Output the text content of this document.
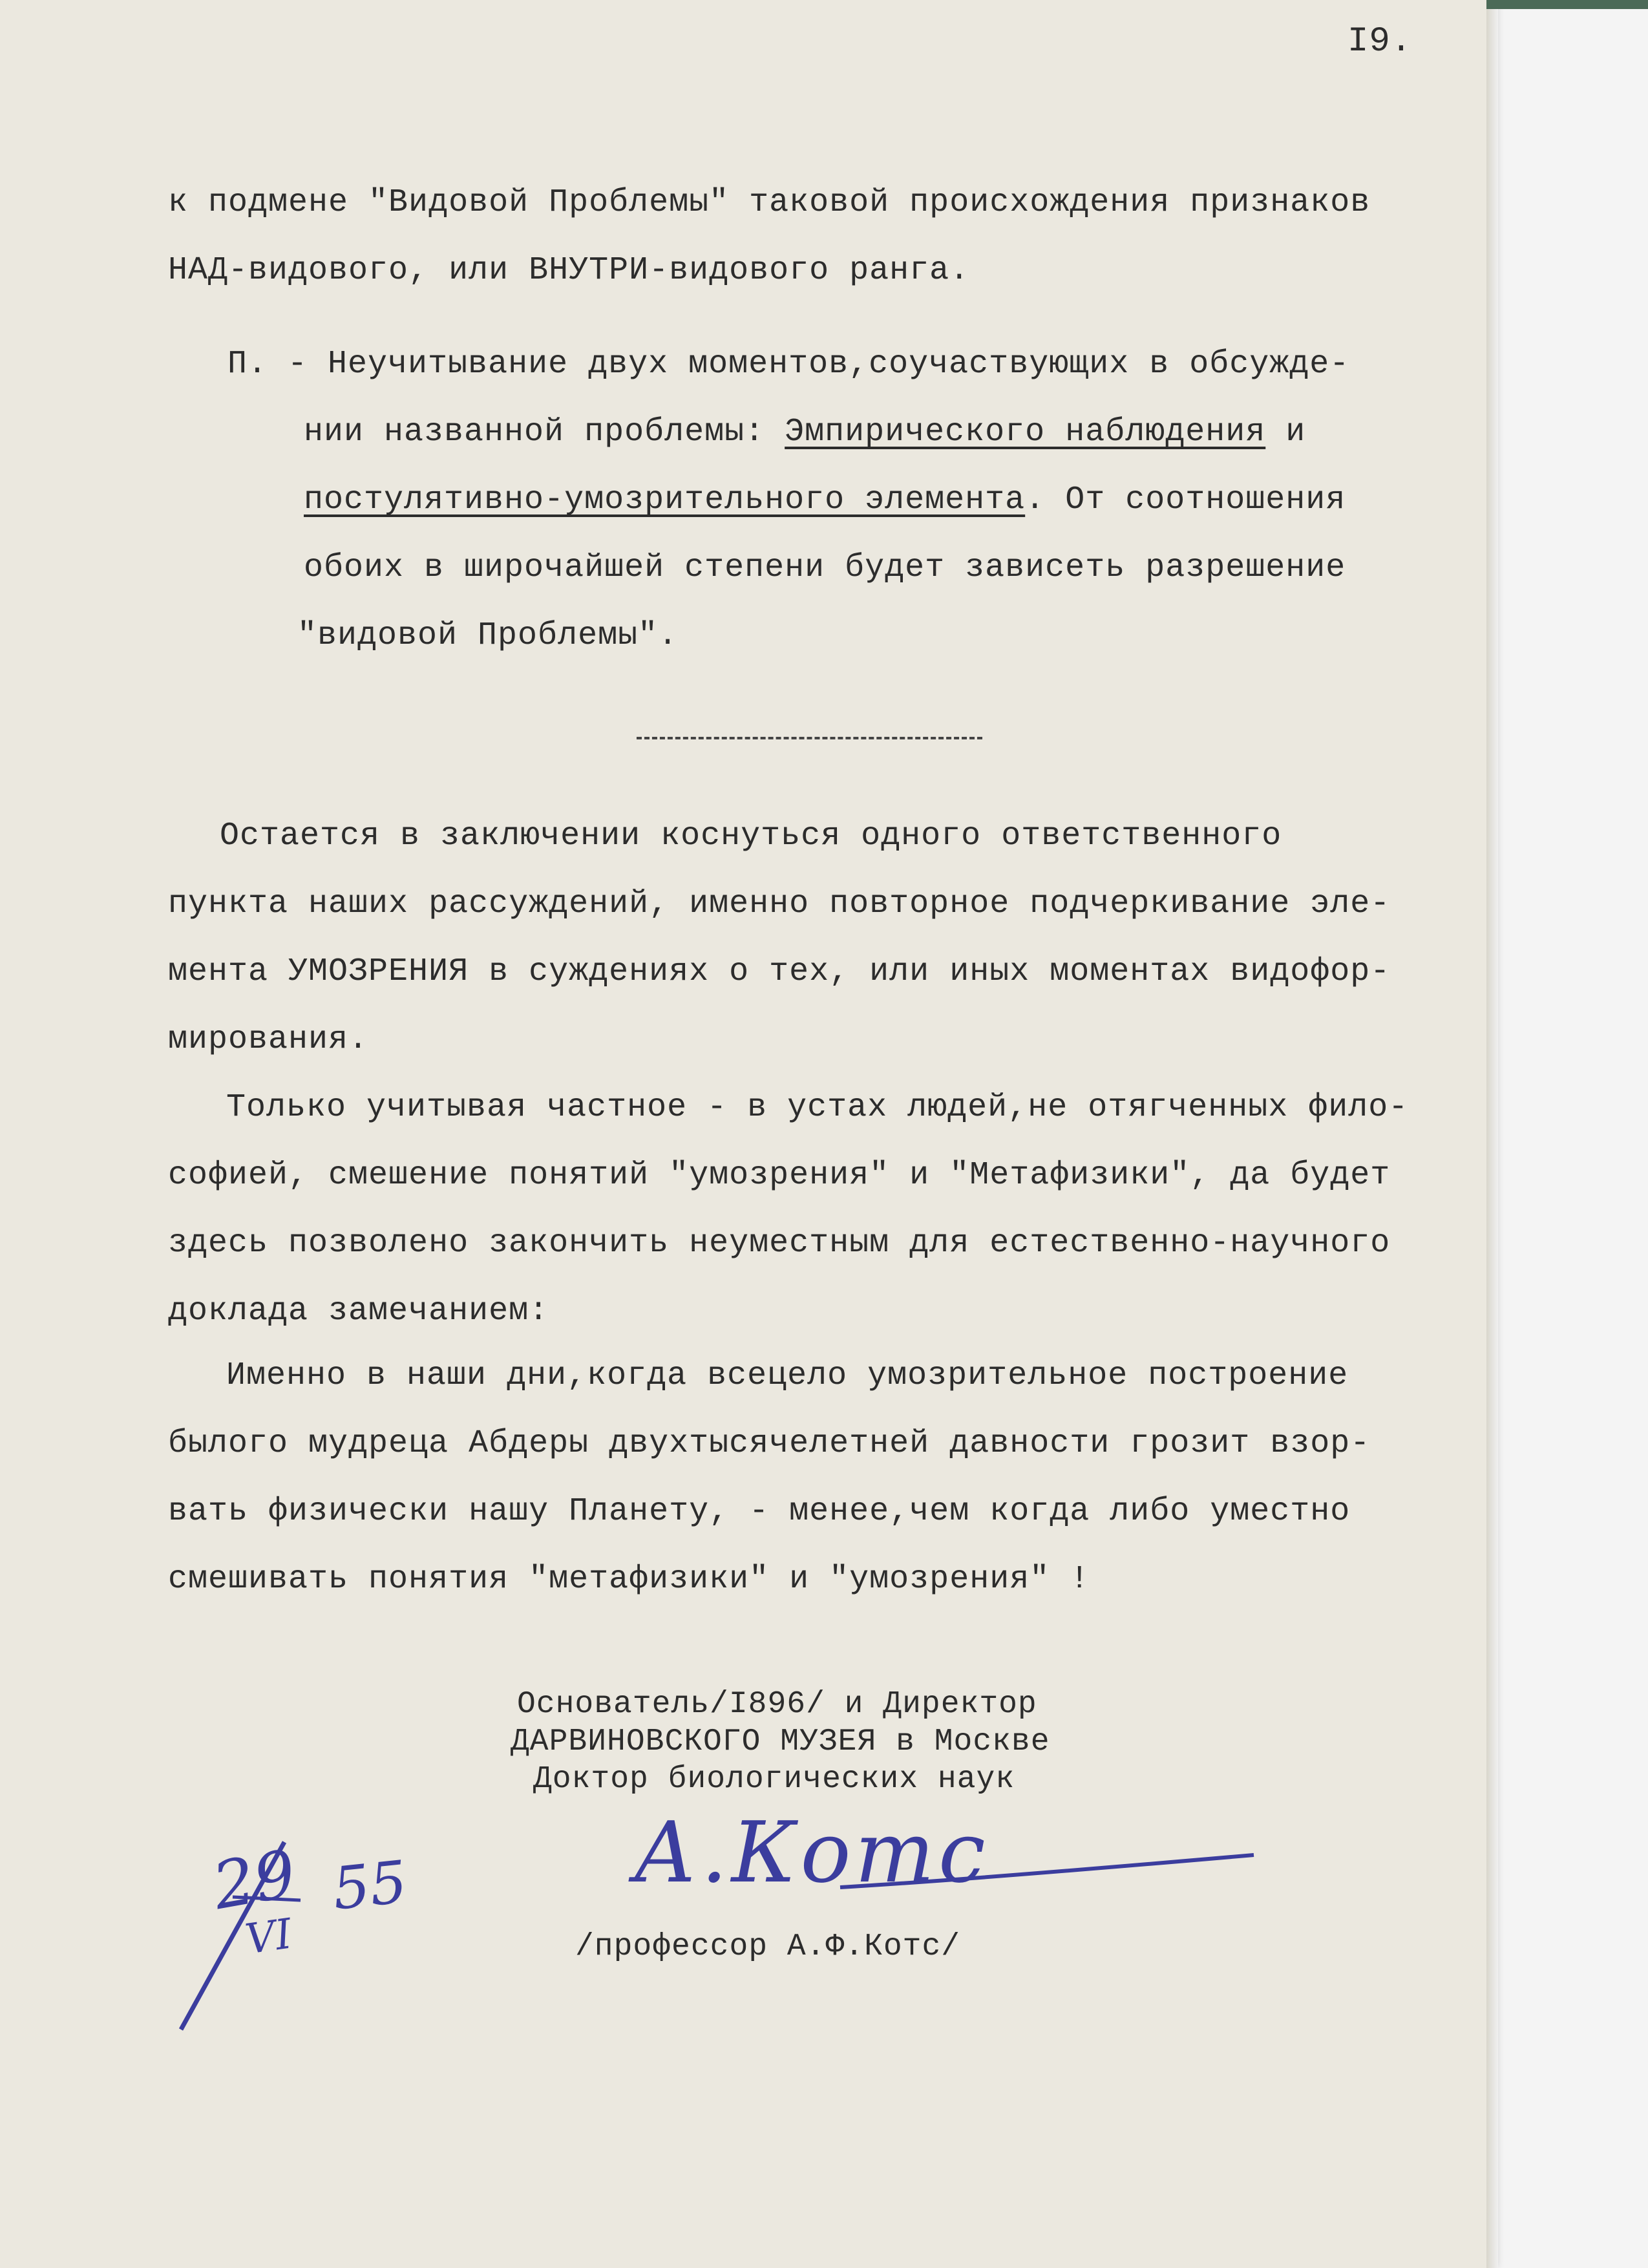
I9.

к подмене "Видовой Проблемы" таковой происхождения признаков

НАД-видового, или ВНУТРИ-видового ранга.

П. - Неучитывание двух моментов,соучаствующих в обсужде-

нии названной проблемы: Эмпирического наблюдения и

постулятивно-умозрительного элемента. От соотношения

обоих в широчайшей степени будет зависеть разрешение

"видовой Проблемы".

Остается в заключении коснуться одного ответственного

пункта наших рассуждений, именно повторное подчеркивание эле-

мента УМОЗРЕНИЯ в суждениях о тех, или иных моментах видофор-

мирования.

Только учитывая частное - в устах людей,не отягченных фило-

софией, смешение понятий "умозрения" и "Метафизики", да будет

здесь позволено закончить неуместным для естественно-научного

доклада замечанием:

Именно в наши дни,когда всецело умозрительное построение

былого мудреца Абдеры двухтысячелетней давности грозит взор-

вать физически нашу Планету, - менее,чем когда либо уместно

смешивать понятия "метафизики" и "умозрения" !

Основатель/I896/ и Директор

ДАРВИНОВСКОГО МУЗЕЯ в Москве

Доктор биологических наук

А.Котс

/профессор А.Ф.Котс/

29

VI

55
